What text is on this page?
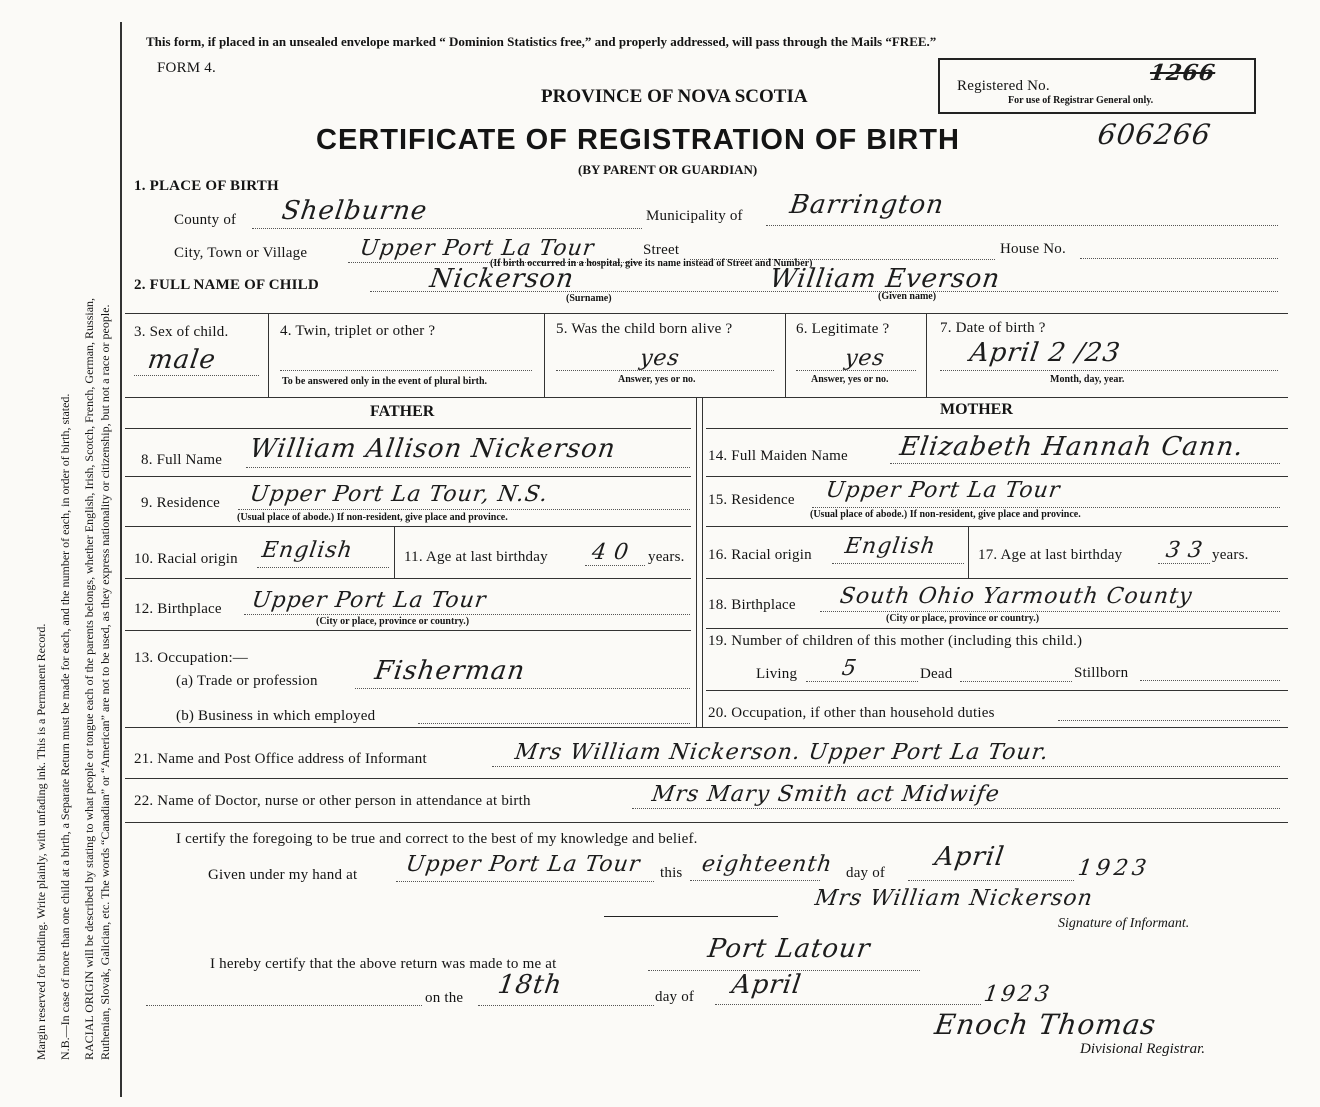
Margin reserved for binding. Write plainly, with unfading ink. This is a Permanent Record. N.B.—In case of more than one child at a birth, a Separate Return must be made for each, and the number of each, in order of birth, stated. RACIAL ORIGIN will be described by stating to what people or tongue each of the parents belongs, whether English, Irish, Scotch, French, German, Russian, Ruthenian, Slovak, Galician, etc. The words “Canadian” or “American” are not to be used, as they express nationality or citizenship, but not a race or people.
This form, if placed in an unsealed envelope marked “ Dominion Statistics free,” and properly addressed, will pass through the Mails “FREE.”
FORM 4.
PROVINCE OF NOVA SCOTIA
CERTIFICATE OF REGISTRATION OF BIRTH
(BY PARENT OR GUARDIAN)
Registered No.	1266
For use of Registrar General only.
606266
1. PLACE OF BIRTH
County of Shelburne	Municipality of Barrington
City, Town or Village Upper Port La Tour	Street	House No.
(If birth occurred in a hospital, give its name instead of Street and Number)
2. FULL NAME OF CHILD	Nickerson	William Everson
(Surname)	(Given name)
3. Sex of child.
male
4. Twin, triplet or other ?
To be answered only in the event of plural birth.
5. Was the child born alive ?
yes
Answer, yes or no.
6. Legitimate ?
yes
Answer, yes or no.
7. Date of birth ?
April 2 /23
Month, day, year.
FATHER	MOTHER
8. Full Name William Allison Nickerson
9. Residence Upper Port La Tour, N.S.
(Usual place of abode.) If non-resident, give place and province.
10. Racial origin English	11. Age at last birthday 40 years.
12. Birthplace Upper Port La Tour
(City or place, province or country.)
13. Occupation:—
(a) Trade or profession Fisherman
(b) Business in which employed
14. Full Maiden Name Elizabeth Hannah Cann.
15. Residence Upper Port La Tour
(Usual place of abode.) If non-resident, give place and province.
16. Racial origin English	17. Age at last birthday 33 years.
18. Birthplace South Ohio Yarmouth County
(City or place, province or country.)
19. Number of children of this mother (including this child.)
Living 5	Dead	Stillborn
20. Occupation, if other than household duties
21. Name and Post Office address of Informant	Mrs William Nickerson. Upper Port La Tour.
22. Name of Doctor, nurse or other person in attendance at birth	Mrs Mary Smith act Midwife
I certify the foregoing to be true and correct to the best of my knowledge and belief.
Given under my hand at Upper Port La Tour this eighteenth day of
April	1923
Mrs William Nickerson
Signature of Informant.
I hereby certify that the above return was made to me at	Port Latour
on the 18th	day of April	1923
Enoch Thomas
Divisional Registrar.
